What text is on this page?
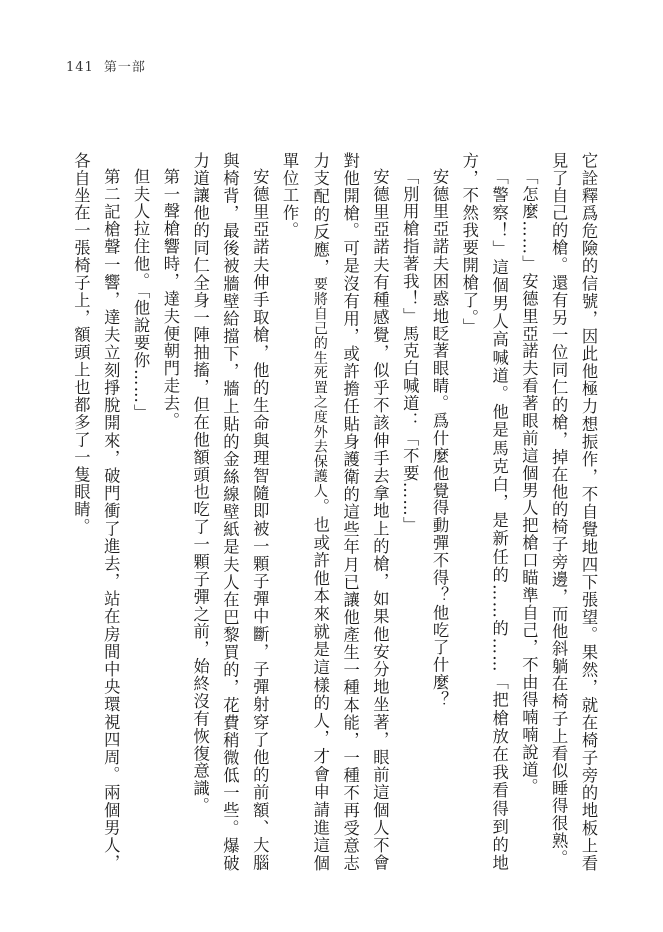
141 第一部

它詮釋爲危險的信號，因此他極力想振作，不自覺地四下張望。果然，就在椅子旁的地板上看見了自己的槍。還有另一位同仁的槍，掉在他的椅子旁邊，而他斜躺在椅子上看似睡得很熟。

「怎麼……」安德里亞諾夫看著眼前這個男人把槍口瞄準自己，不由得喃喃說道。

「警察！」這個男人高喊道。他是馬克白，是新任的……的……「把槍放在我看得到的地方，不然我要開槍了。」

安德里亞諾夫困惑地眨著眼睛。爲什麼他覺得動彈不得？他吃了什麼？

「別用槍指著我！」馬克白喊道：「不要……」

安德里亞諾夫有種感覺，似乎不該伸手去拿地上的槍，如果他安分地坐著，眼前這個人不會對他開槍。可是沒有用，或許擔任貼身護衛的這些年月已讓他產生一種本能，一種不再受意志力支配的反應，要將自己的生死置之度外去保護人。也或許他本來就是這樣的人，才會申請進這個單位工作。

安德里亞諾夫伸手取槍，他的生命與理智隨即被一顆子彈中斷，子彈射穿了他的前額、大腦與椅背，最後被牆壁給擋下，牆上貼的金絲線壁紙是夫人在巴黎買的，花費稍微低一些。爆破力道讓他的同仁全身一陣抽搐，但在他額頭也吃了一顆子彈之前，始終沒有恢復意識。

第一聲槍響時，達夫便朝門走去。

但夫人拉住他。「他說要你……」

第二記槍聲一響，達夫立刻掙脫開來，破門衝了進去，站在房間中央環視四周。兩個男人，各自坐在一張椅子上，額頭上也都多了一隻眼睛。
